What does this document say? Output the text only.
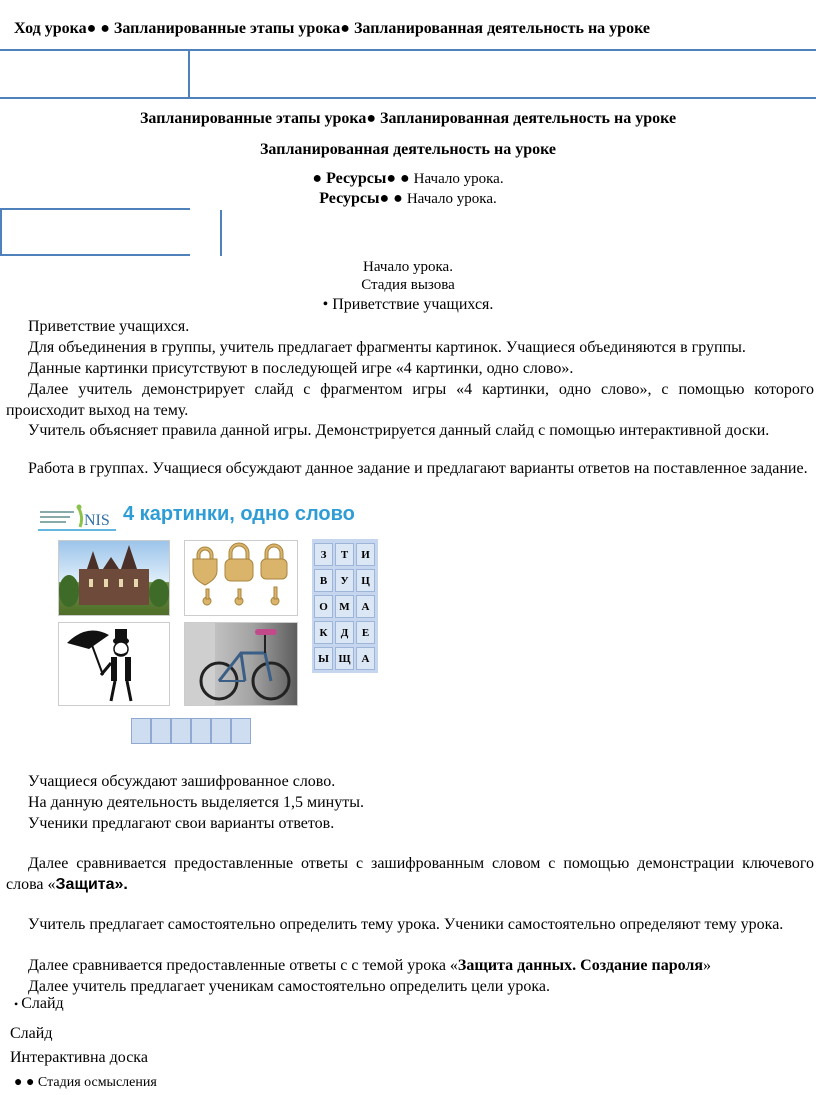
Ход урока● ● Запланированные этапы урока● Запланированная деятельность на уроке
Запланированные этапы урока● Запланированная деятельность на уроке
Запланированная деятельность на уроке
● Ресурсы● ● Начало урока.
Ресурсы● ● Начало урока.
Начало урока.
Стадия вызова
• Приветствие учащихся.
Приветствие учащихся.
Для объединения в группы, учитель предлагает фрагменты картинок. Учащиеся объединяются в группы.
Данные картинки присутствуют в последующей игре «4 картинки, одно слово».
Далее учитель демонстрирует слайд с фрагментом игры «4 картинки, одно слово», с помощью которого происходит выход на тему.
Учитель объясняет правила данной игры. Демонстрируется данный слайд с помощью интерактивной доски.
Работа в группах. Учащиеся обсуждают данное задание и предлагают варианты ответов на поставленное задание.
NIS 4 картинки, одно слово
Учащиеся обсуждают зашифрованное слово.
На данную деятельность выделяется 1,5 минуты.
Ученики предлагают свои варианты ответов.
Далее сравнивается предоставленные ответы с зашифрованным словом с помощью демонстрации ключевого слова «Защита».
Учитель предлагает самостоятельно определить тему урока. Ученики самостоятельно определяют тему урока.
Далее сравнивается предоставленные ответы с с темой урока «Защита данных. Создание пароля»
Далее учитель предлагает ученикам самостоятельно определить цели урока.
• Слайд
Слайд
Интерактивна доска
● ● Стадия осмысления
З	Т	И
В	У	Ц
О	М	А
К	Д	Е
Ы Щ А
